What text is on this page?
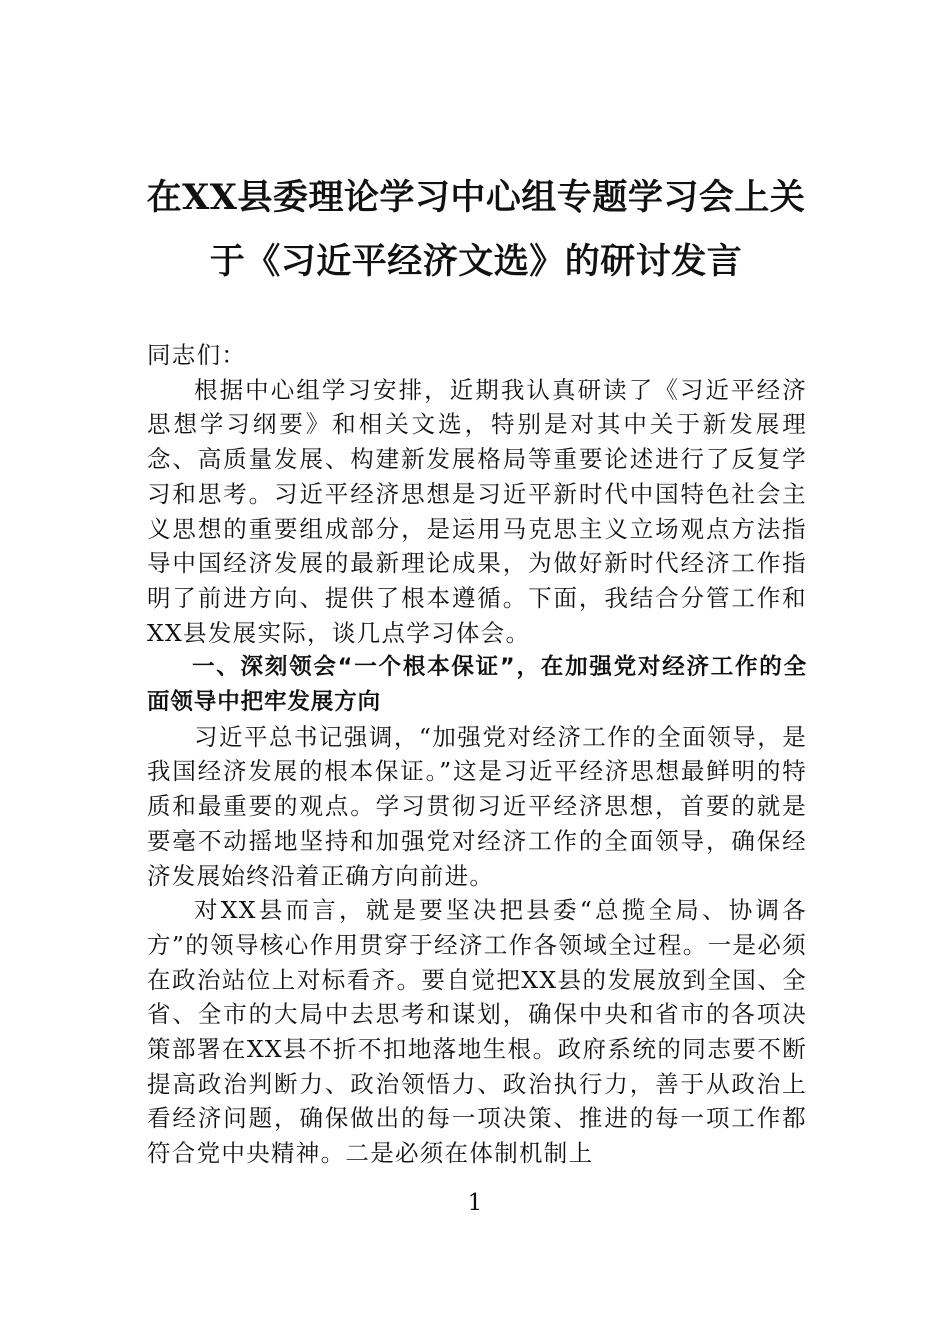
在XX县委理论学习中心组专题学习会上关
于《习近平经济文选》的研讨发言

同志们：

根据中心组学习安排，近期我认真研读了《习近平经济思想学习纲要》和相关文选，特别是对其中关于新发展理念、高质量发展、构建新发展格局等重要论述进行了反复学习和思考。习近平经济思想是习近平新时代中国特色社会主义思想的重要组成部分，是运用马克思主义立场观点方法指导中国经济发展的最新理论成果，为做好新时代经济工作指明了前进方向、提供了根本遵循。下面，我结合分管工作和XX县发展实际，谈几点学习体会。

一、深刻领会“一个根本保证”，在加强党对经济工作的全面领导中把牢发展方向

习近平总书记强调，“加强党对经济工作的全面领导，是我国经济发展的根本保证。”这是习近平经济思想最鲜明的特质和最重要的观点。学习贯彻习近平经济思想，首要的就是要毫不动摇地坚持和加强党对经济工作的全面领导，确保经济发展始终沿着正确方向前进。

对XX县而言，就是要坚决把县委“总揽全局、协调各方”的领导核心作用贯穿于经济工作各领域全过程。一是必须在政治站位上对标看齐。要自觉把XX县的发展放到全国、全省、全市的大局中去思考和谋划，确保中央和省市的各项决策部署在XX县不折不扣地落地生根。政府系统的同志要不断提高政治判断力、政治领悟力、政治执行力，善于从政治上看经济问题，确保做出的每一项决策、推进的每一项工作都符合党中央精神。二是必须在体制机制上

1
